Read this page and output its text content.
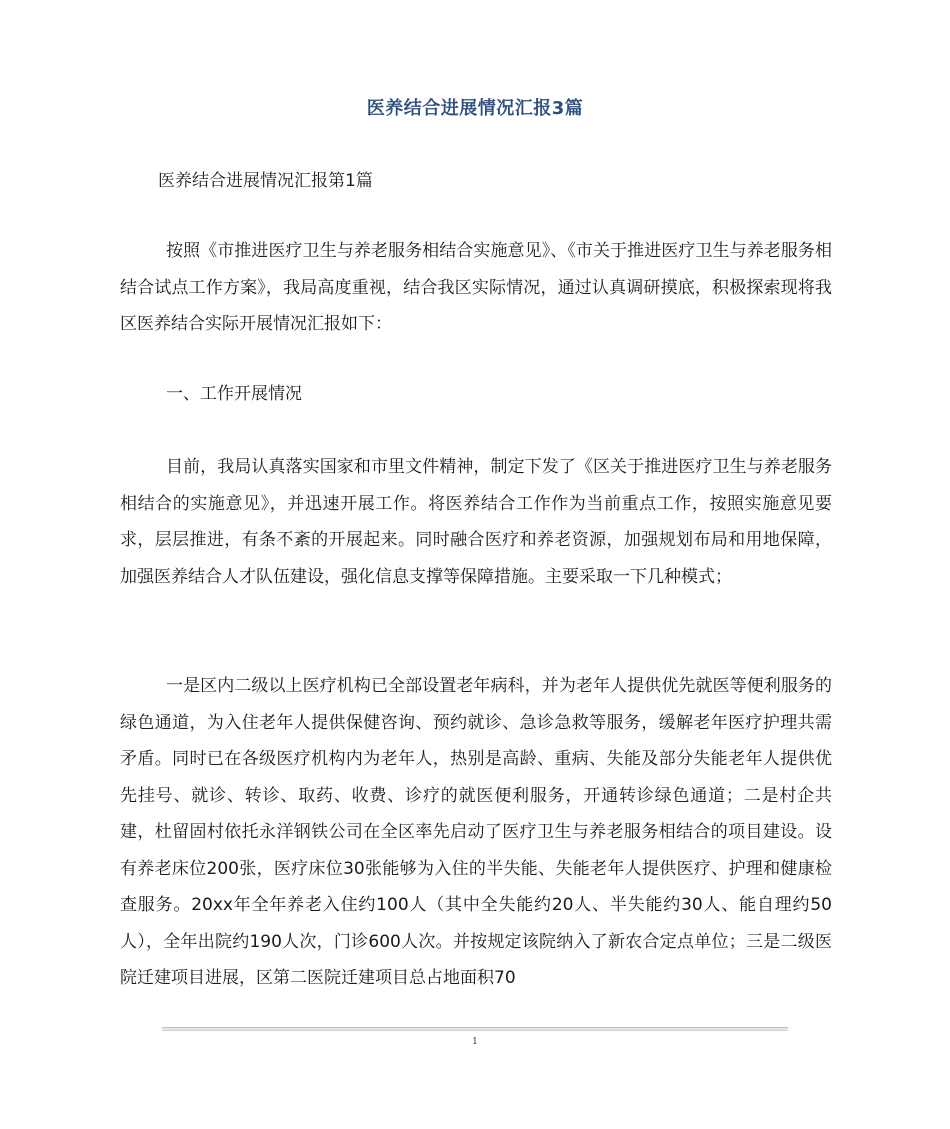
医养结合进展情况汇报3篇
医养结合进展情况汇报第1篇

按照《市推进医疗卫生与养老服务相结合实施意见》、《市关于推进医疗卫生与养老服务相结合试点工作方案》，我局高度重视，结合我区实际情况，通过认真调研摸底，积极探索现将我区医养结合实际开展情况汇报如下：

一、工作开展情况

目前，我局认真落实国家和市里文件精神，制定下发了《区关于推进医疗卫生与养老服务相结合的实施意见》，并迅速开展工作。将医养结合工作作为当前重点工作，按照实施意见要求，层层推进，有条不紊的开展起来。同时融合医疗和养老资源，加强规划布局和用地保障，加强医养结合人才队伍建设，强化信息支撑等保障措施。主要采取一下几种模式；

一是区内二级以上医疗机构已全部设置老年病科，并为老年人提供优先就医等便利服务的绿色通道，为入住老年人提供保健咨询、预约就诊、急诊急救等服务，缓解老年医疗护理共需矛盾。同时已在各级医疗机构内为老年人，热别是高龄、重病、失能及部分失能老年人提供优先挂号、就诊、转诊、取药、收费、诊疗的就医便利服务，开通转诊绿色通道；二是村企共建，杜留固村依托永洋钢铁公司在全区率先启动了医疗卫生与养老服务相结合的项目建设。设有养老床位200张，医疗床位30张能够为入住的半失能、失能老年人提供医疗、护理和健康检查服务。20xx年全年养老入住约100人（其中全失能约20人、半失能约30人、能自理约50人），全年出院约190人次，门诊600人次。并按规定该院纳入了新农合定点单位；三是二级医院迁建项目进展，区第二医院迁建项目总占地面积70

1
